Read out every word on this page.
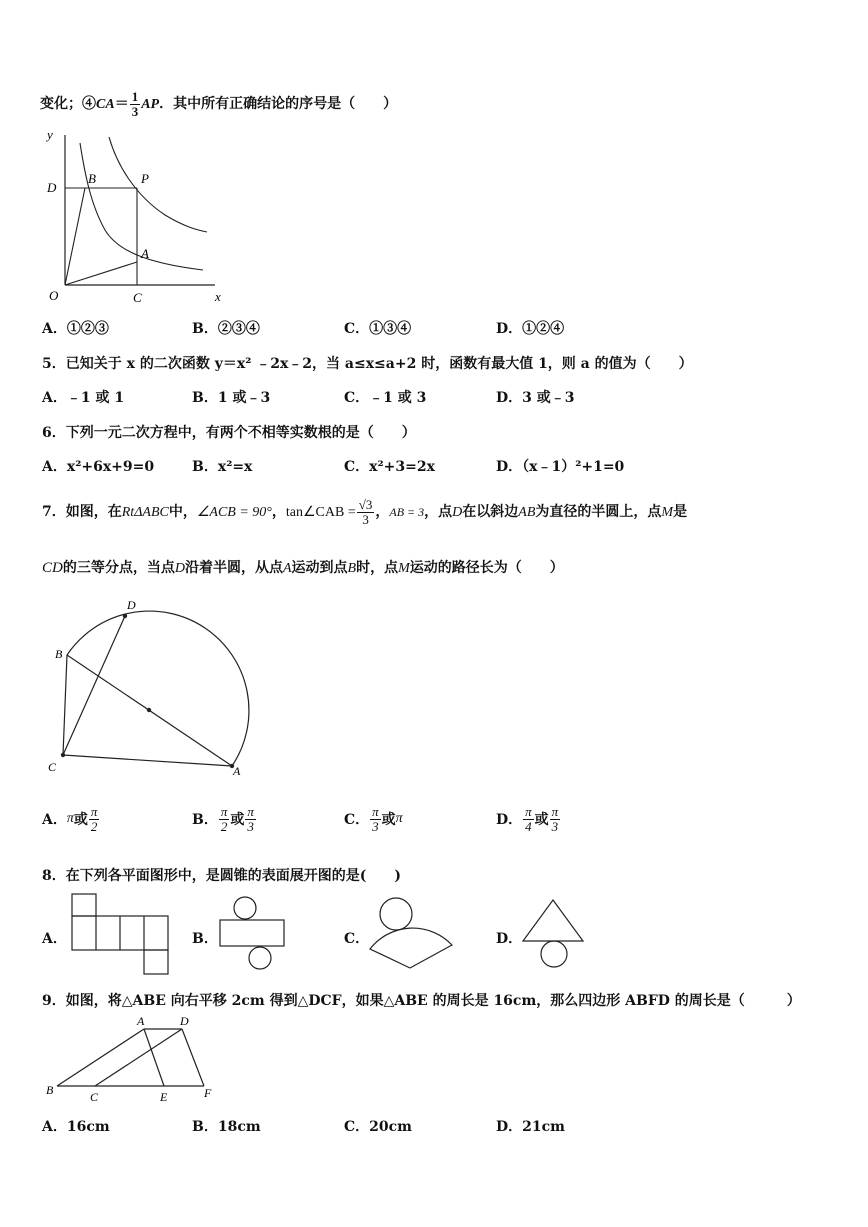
变化；④CA＝ $\frac{1}{3}$ AP．其中所有正确结论的序号是（　　）
y
x
O
D
B	P
A
C
A．①②③	B．②③④	C．①③④	D．①②④
5．已知关于 x 的二次函数 y＝x² ﹣2x﹣2，当 a≤x≤a+2 时，函数有最大值 1，则 a 的值为（　　）
A．﹣1 或 1	B．1 或﹣3	C．﹣1 或 3	D．3 或﹣3
6．下列一元二次方程中，有两个不相等实数根的是（　　）
A．x²+6x+9=0	B．x²=x	C．x²+3=2x	D．（x﹣1）²+1=0
7．如图，在RtΔABC中，∠ACB = 90°，tan∠CAB = $\frac{√3}{3}$ ，AB = 3，点D在以斜边AB为直径的半圆上，点M是
CD的三等分点，当点D沿着半圆，从点A运动到点B时，点M运动的路径长为（　　）
D
B
C	A
A．π或 $\frac{\pi}{2}$	B． $\frac{\pi}{2}$ 或 $\frac{\pi}{3}$	C． $\frac{\pi}{3}$ 或π	D． $\frac{\pi}{4}$ 或 $\frac{\pi}{3}$
8．在下列各平面图形中，是圆锥的表面展开图的是(　　)
A．	B．	C．	D．
9．如图，将△ABE 向右平移 2cm 得到△DCF，如果△ABE 的周长是 16cm，那么四边形 ABFD 的周长是（　　　）
A	D
B	C	E	F
A．16cm	B．18cm	C．20cm	D．21cm
